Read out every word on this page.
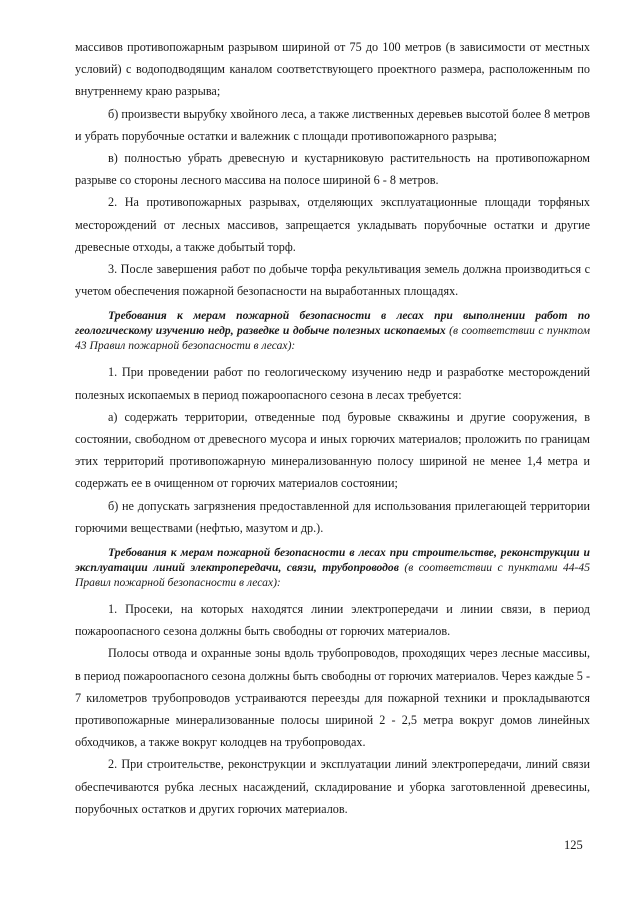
массивов противопожарным разрывом шириной от 75 до 100 метров (в зависимости от местных условий) с водоподводящим каналом соответствующего проектного размера, расположенным по внутреннему краю разрыва;

б) произвести вырубку хвойного леса, а также лиственных деревьев высотой более 8 метров и убрать порубочные остатки и валежник с площади противопожарного разрыва;

в) полностью убрать древесную и кустарниковую растительность на противопожарном разрыве со стороны лесного массива на полосе шириной 6 - 8 метров.

2. На противопожарных разрывах, отделяющих эксплуатационные площади торфяных месторождений от лесных массивов, запрещается укладывать порубочные остатки и другие древесные отходы, а также добытый торф.

3. После завершения работ по добыче торфа рекультивация земель должна производиться с учетом обеспечения пожарной безопасности на выработанных площадях.

Требования к мерам пожарной безопасности в лесах при выполнении работ по геологическому изучению недр, разведке и добыче полезных ископаемых (в соответствии с пунктом 43 Правил пожарной безопасности в лесах):

1. При проведении работ по геологическому изучению недр и разработке месторождений полезных ископаемых в период пожароопасного сезона в лесах требуется:

а) содержать территории, отведенные под буровые скважины и другие сооружения, в состоянии, свободном от древесного мусора и иных горючих материалов; проложить по границам этих территорий противопожарную минерализованную полосу шириной не менее 1,4 метра и содержать ее в очищенном от горючих материалов состоянии;

б) не допускать загрязнения предоставленной для использования прилегающей территории горючими веществами (нефтью, мазутом и др.).

Требования к мерам пожарной безопасности в лесах при строительстве, реконструкции и эксплуатации линий электропередачи, связи, трубопроводов (в соответствии с пунктами 44-45 Правил пожарной безопасности в лесах):

1. Просеки, на которых находятся линии электропередачи и линии связи, в период пожароопасного сезона должны быть свободны от горючих материалов.

Полосы отвода и охранные зоны вдоль трубопроводов, проходящих через лесные массивы, в период пожароопасного сезона должны быть свободны от горючих материалов. Через каждые 5 - 7 километров трубопроводов устраиваются переезды для пожарной техники и прокладываются противопожарные минерализованные полосы шириной 2 - 2,5 метра вокруг домов линейных обходчиков, а также вокруг колодцев на трубопроводах.

2. При строительстве, реконструкции и эксплуатации линий электропередачи, линий связи обеспечиваются рубка лесных насаждений, складирование и уборка заготовленной древесины, порубочных остатков и других горючих материалов.

125
